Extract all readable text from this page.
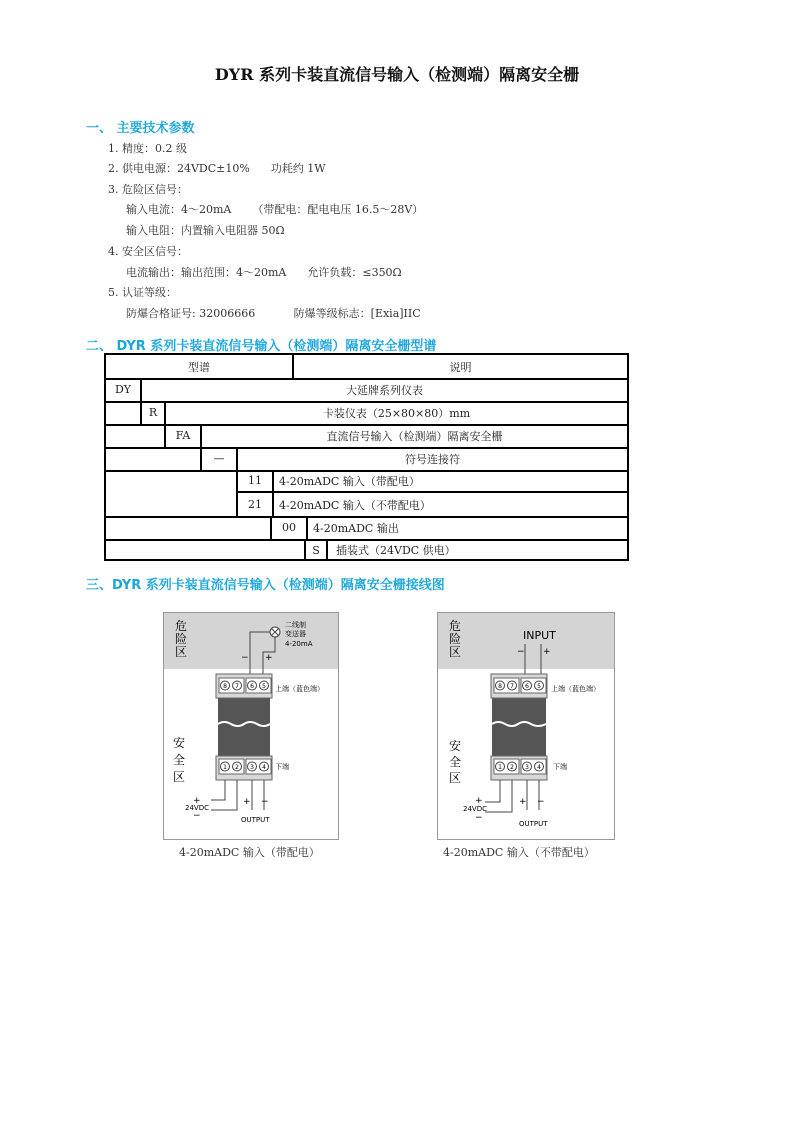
DYR 系列卡装直流信号输入（检测端）隔离安全栅
一、 主要技术参数
1. 精度：0.2 级
2. 供电电源：24VDC±10%      功耗约 1W
3. 危险区信号：
输入电流：4～20mA      （带配电：配电电压 16.5～28V）
输入电阻：内置输入电阻器 50Ω
4. 安全区信号：
电流输出：输出范围：4～20mA      允许负载：≤350Ω
5. 认证等级：
防爆合格证号: 32006666           防爆等级标志：[Exia]IIC
二、 DYR 系列卡装直流信号输入（检测端）隔离安全栅型谱
型谱	说明
DY	大延牌系列仪表
R	卡装仪表（25×80×80）mm
FA	直流信号输入（检测端）隔离安全栅
—	符号连接符
11	4-20mADC 输入（带配电）
21	4-20mADC 输入（不带配电）
00	4-20mADC 输出
S	插装式（24VDC 供电）
三、DYR 系列卡装直流信号输入（检测端）隔离安全栅接线图
危
险
区
二线制
变送器
4-20mA
− +
8 7 6 5 上端（蓝色端）
1 2 3 4 下端
安
全
区
+
24VDC
−
+ −
OUTPUT
4-20mADC 输入（带配电）
危
险
区
INPUT
− +
8 7 6 5 上端（蓝色端）
1 2 3 4 下端
安
全
区
+
24VDC
−
+ −
OUTPUT
4-20mADC 输入（不带配电）
